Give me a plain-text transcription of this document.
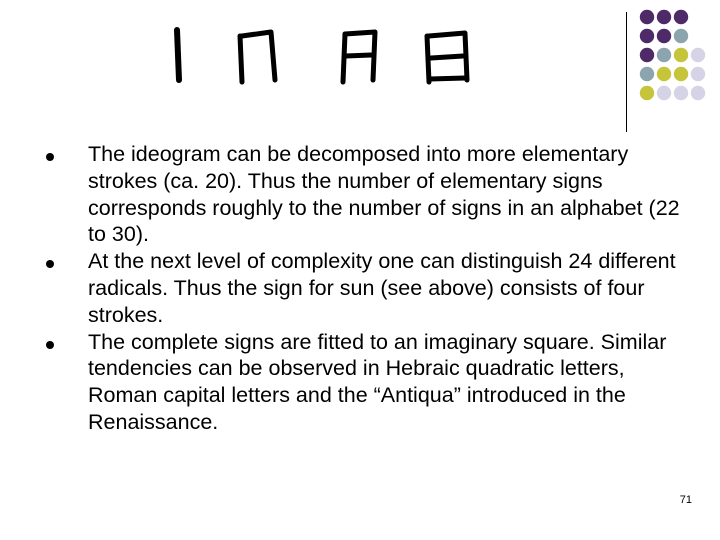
The ideogram can be decomposed into more elementary strokes (ca. 20). Thus the number of elementary signs corresponds roughly to the number of signs in an alphabet (22 to 30).
At the next level of complexity one can distinguish 24 different radicals. Thus the sign for sun (see above) consists of four strokes.
The complete signs are fitted to an imaginary square. Similar tendencies can be observed in Hebraic quadratic letters, Roman capital letters and the “Antiqua” introduced in the Renaissance.
71
